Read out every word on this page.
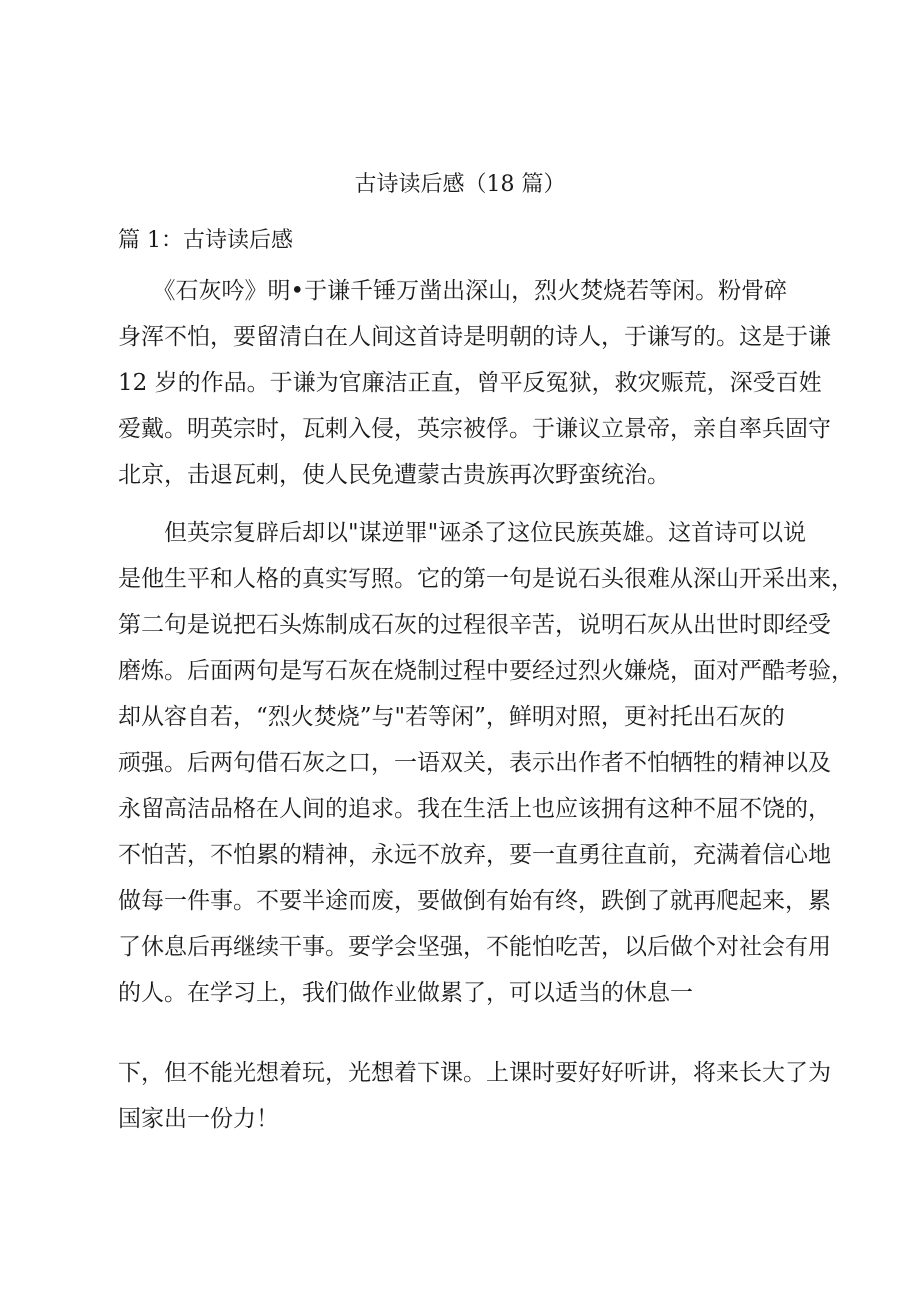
古诗读后感（18 篇）
篇 1：古诗读后感

　　《石灰吟》明•于谦千锤万凿出深山，烈火焚烧若等闲。粉骨碎
身浑不怕，要留清白在人间这首诗是明朝的诗人，于谦写的。这是于谦
12 岁的作品。于谦为官廉洁正直，曾平反冤狱，救灾赈荒，深受百姓
爱戴。明英宗时，瓦剌入侵，英宗被俘。于谦议立景帝，亲自率兵固守
北京，击退瓦剌，使人民免遭蒙古贵族再次野蛮统治。

　　但英宗复辟后却以"谋逆罪"诬杀了这位民族英雄。这首诗可以说
是他生平和人格的真实写照。它的第一句是说石头很难从深山开采出来，
第二句是说把石头炼制成石灰的过程很辛苦，说明石灰从出世时即经受
磨炼。后面两句是写石灰在烧制过程中要经过烈火嫌烧，面对严酷考验，
却从容自若，“烈火焚烧”与"若等闲”，鲜明对照，更衬托出石灰的
顽强。后两句借石灰之口，一语双关，表示出作者不怕牺牲的精神以及
永留高洁品格在人间的追求。我在生活上也应该拥有这种不屈不饶的，
不怕苦，不怕累的精神，永远不放弃，要一直勇往直前，充满着信心地
做每一件事。不要半途而废，要做倒有始有终，跌倒了就再爬起来，累
了休息后再继续干事。要学会坚强，不能怕吃苦，以后做个对社会有用
的人。在学习上，我们做作业做累了，可以适当的休息一

下，但不能光想着玩，光想着下课。上课时要好好听讲，将来长大了为
国家出一份力！
